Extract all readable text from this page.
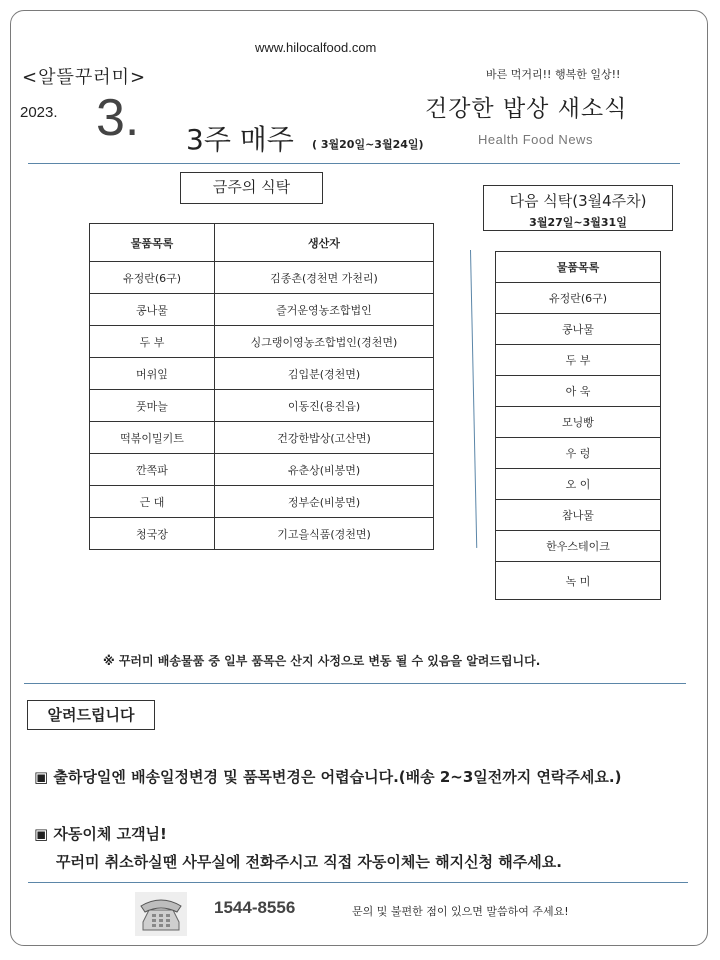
www.hilocalfood.com
<알뜰꾸러미>	바른 먹거리!! 행복한 일상!!
2023. 3.	건강한 밥상 새소식
3주 매주 ( 3월20일~3월24일)	Health Food News
금주의 식탁
물품목록	생산자
유정란(6구)	김종촌(경천면 가천리)
콩나물	즐거운영농조합법인
두 부	싱그랭이영농조합법인(경천면)
머위잎	김입분(경천면)
풋마늘	이동진(용진읍)
떡볶이밀키트	건강한밥상(고산면)
깐쪽파	유춘상(비봉면)
근 대	정부순(비봉면)
청국장	기고을식품(경천면)
다음 식탁(3월4주차)
3월27일~3월31일
물품목록
유정란(6구)
콩나물
두 부
아 욱
모닝빵
우 렁
오 이
참나물
한우스테이크
녹 미
※ 꾸러미 배송물품 중 일부 품목은 산지 사정으로 변동 될 수 있음을 알려드립니다.
알려드립니다
▣ 출하당일엔 배송일정변경 및 품목변경은 어렵습니다.(배송 2~3일전까지 연락주세요.)
▣ 자동이체 고객님!
꾸러미 취소하실땐 사무실에 전화주시고 직접 자동이체는 해지신청 해주세요.
1544-8556	문의 및 불편한 점이 있으면 말씀하여 주세요!
